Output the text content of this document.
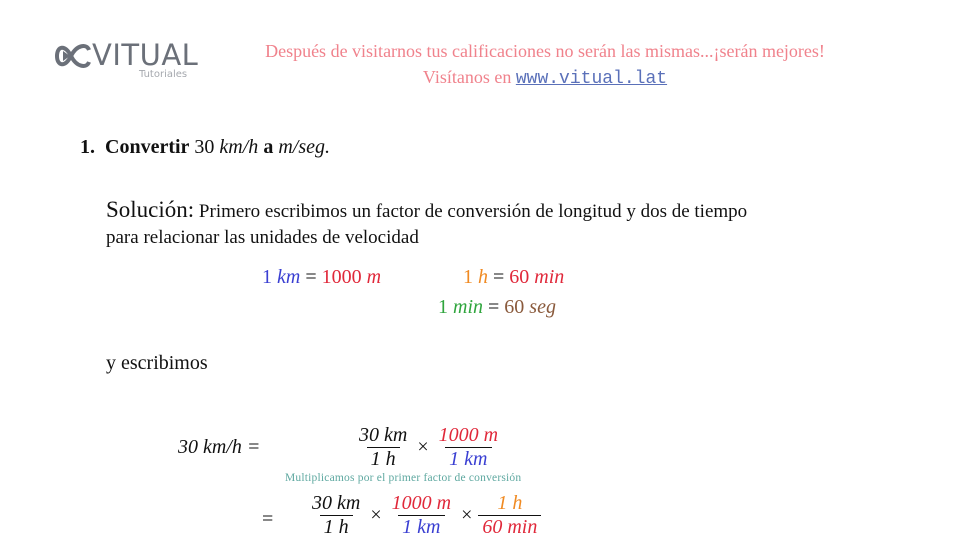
VITUAL
Tutoriales
Después de visitarnos tus calificaciones no serán las mismas...¡serán mejores!
Visítanos en www.vitual.lat
1. Convertir 30 km/h a m/seg.
Solución: Primero escribimos un factor de conversión de longitud y dos de tiempo para relacionar las unidades de velocidad
1 km = 1000 m	1 h = 60 min
1 min = 60 seg
y escribimos
30 km/h =	$\frac{30 km}{1 h} \times \frac{1000 m}{1 km}$
Multiplicamos por el primer factor de conversión
= $\frac{30 km}{1 h} \times \frac{1000 m}{1 km} \times \frac{1 h}{60 \min}$
